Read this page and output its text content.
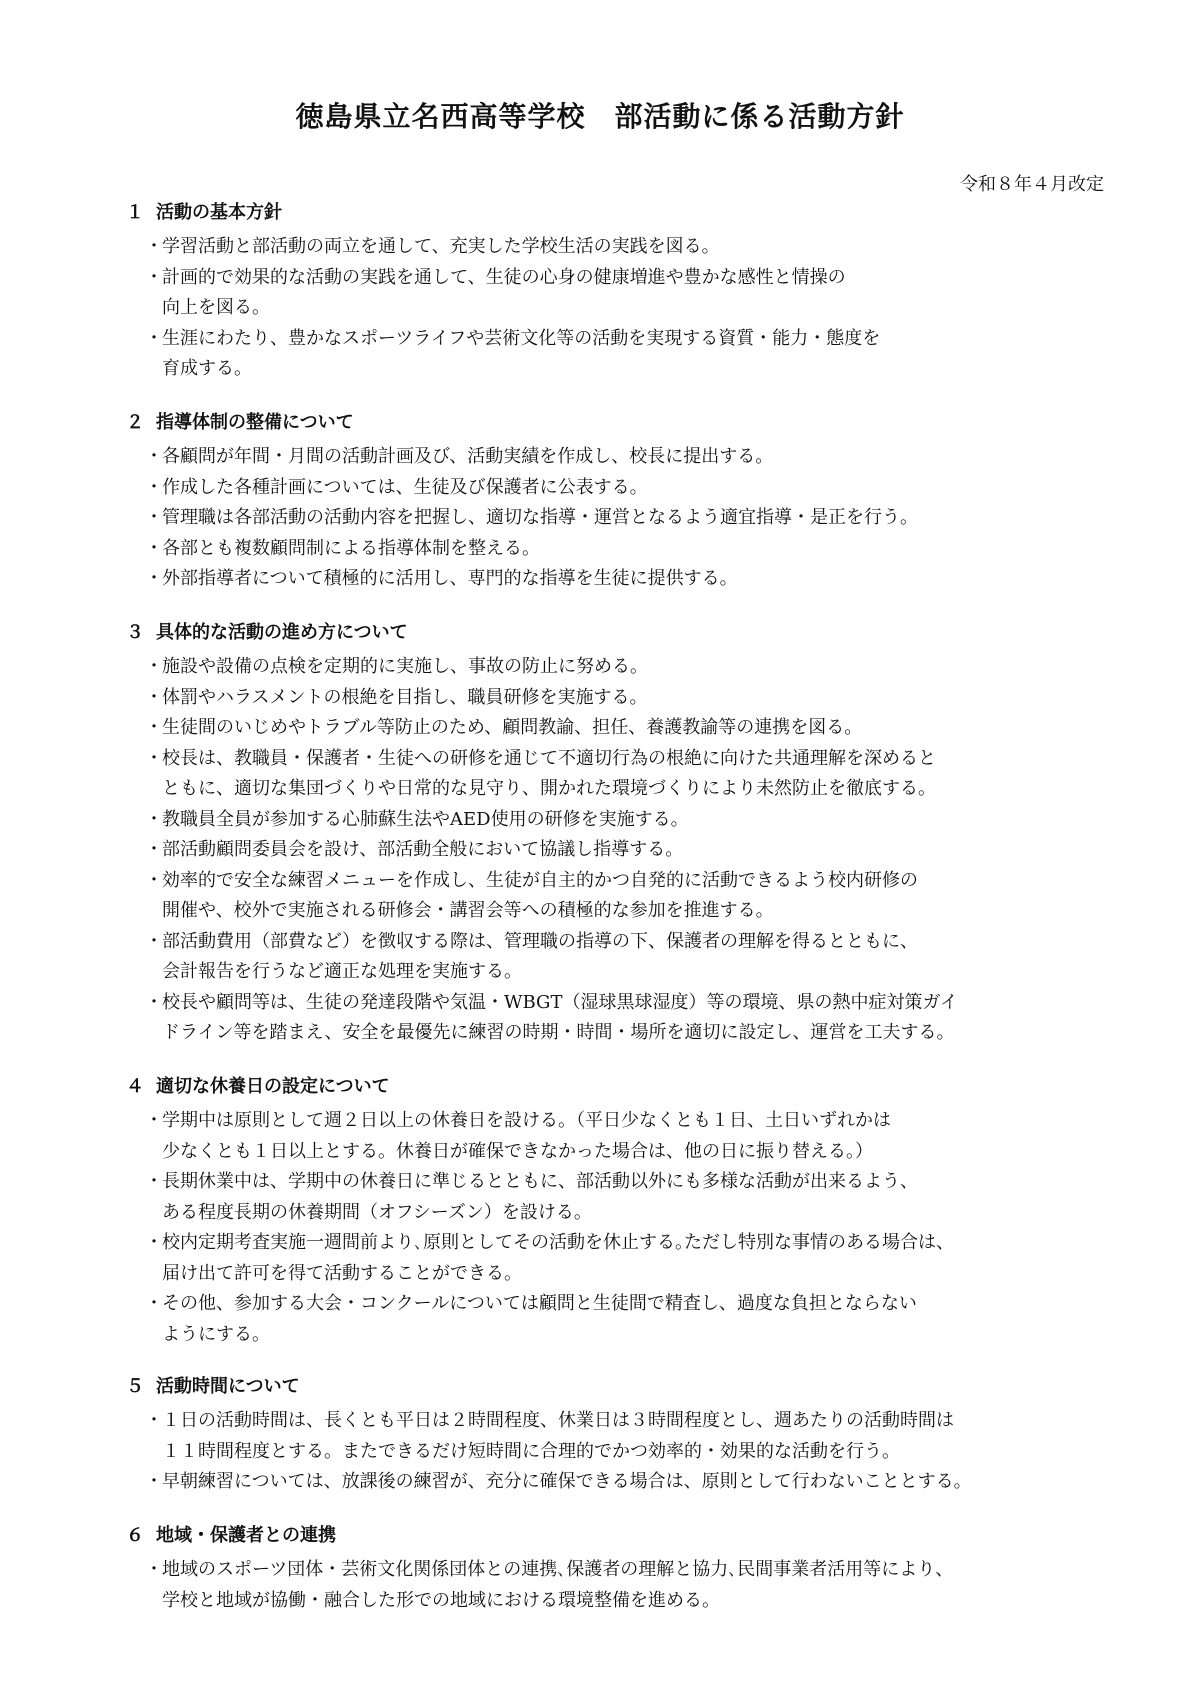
徳島県立名西高等学校　部活動に係る活動方針
令和８年４月改定
１ 活動の基本方針
・ 学習活動と部活動の両立を通して、充実した学校生活の実践を図る。
・ 計画的で効果的な活動の実践を通して、生徒の心身の健康増進や豊かな感性と情操の
向上を図る。
・ 生涯にわたり、豊かなスポーツライフや芸術文化等の活動を実現する資質・能力・態度を
育成する。
２ 指導体制の整備について
・ 各顧問が年間・月間の活動計画及び、活動実績を作成し、校長に提出する。
・ 作成した各種計画については、生徒及び保護者に公表する。
・ 管理職は各部活動の活動内容を把握し、適切な指導・運営となるよう適宜指導・是正を行う。
・ 各部とも複数顧問制による指導体制を整える。
・ 外部指導者について積極的に活用し、専門的な指導を生徒に提供する。
３ 具体的な活動の進め方について
・ 施設や設備の点検を定期的に実施し、事故の防止に努める。
・ 体罰やハラスメントの根絶を目指し、職員研修を実施する。
・ 生徒間のいじめやトラブル等防止のため、顧問教諭、担任、養護教諭等の連携を図る。
・ 校長は、教職員・保護者・生徒への研修を通じて不適切行為の根絶に向けた共通理解を深めると
ともに、適切な集団づくりや日常的な見守り、開かれた環境づくりにより未然防止を徹底する。
・ 教職員全員が参加する心肺蘇生法やAED使用の研修を実施する。
・ 部活動顧問委員会を設け、部活動全般において協議し指導する。
・ 効率的で安全な練習メニューを作成し、生徒が自主的かつ自発的に活動できるよう校内研修の
開催や、校外で実施される研修会・講習会等への積極的な参加を推進する。
・ 部活動費用（部費など）を徴収する際は、管理職の指導の下、保護者の理解を得るとともに、
会計報告を行うなど適正な処理を実施する。
・ 校長や顧問等は、生徒の発達段階や気温・WBGT（湿球黒球湿度）等の環境、県の熱中症対策ガイ
ドライン等を踏まえ、安全を最優先に練習の時期・時間・場所を適切に設定し、運営を工夫する。
４ 適切な休養日の設定について
・ 学期中は原則として週２日以上の休養日を設ける。（平日少なくとも１日、土日いずれかは
少なくとも１日以上とする。休養日が確保できなかった場合は、他の日に振り替える。）
・ 長期休業中は、学期中の休養日に準じるとともに、部活動以外にも多様な活動が出来るよう、
ある程度長期の休養期間（オフシーズン）を設ける。
・ 校内定期考査実施一週間前より､原則としてその活動を休止する｡ただし特別な事情のある場合は、
届け出て許可を得て活動することができる。
・ その他、参加する大会・コンクールについては顧問と生徒間で精査し、過度な負担とならない
ようにする。
５ 活動時間について
・ １日の活動時間は、長くとも平日は２時間程度、休業日は３時間程度とし、週あたりの活動時間は
１１時間程度とする。またできるだけ短時間に合理的でかつ効率的・効果的な活動を行う。
・ 早朝練習については、放課後の練習が、充分に確保できる場合は、原則として行わないこととする。
６ 地域・保護者との連携
・ 地域のスポーツ団体・芸術文化関係団体との連携､保護者の理解と協力､民間事業者活用等により、
学校と地域が協働・融合した形での地域における環境整備を進める。
